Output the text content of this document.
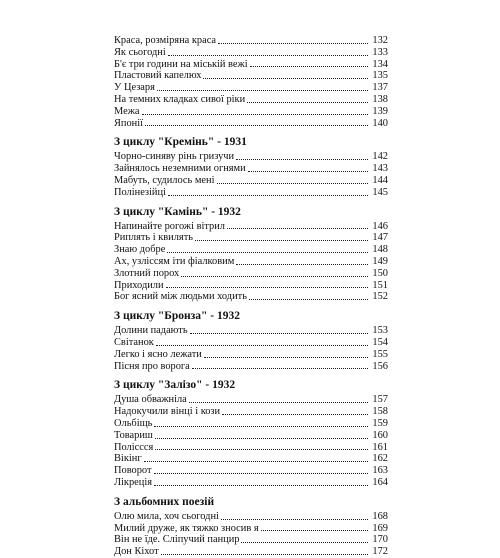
Краса, розміряна краса	132
Як сьогодні	133
Б'є три години на міській вежі	134
Пластовий капелюх	135
У Цезаря	137
На темних кладках сивої ріки	138
Межа	139
Японії	140
З циклу "Кремінь" - 1931
Чорно-синяву рінь гризучи	142
Зайнялось неземними огнями	143
Мабуть, судилось мені	144
Полінезійці	145
З циклу "Камінь" - 1932
Напинайте рогожі вітрил	146
Риплять і квилять	147
Знаю добре	148
Ах, узліссям іти фіалковим	149
Злотний порох	150
Приходили	151
Бог ясний між людьми ходить	152
З циклу "Бронза" - 1932
Долини падають	153
Світанок	154
Легко і ясно лежати	155
Пісня про ворога	156
З циклу "Залізо" - 1932
Душа обважніла	157
Надокучили вінці і кози	158
Ольбіщь	159
Товариш	160
Поліссся	161
Вікінг	162
Поворот	163
Лікреція	164
З альбомних поезій
Олю мила, хоч сьогодні	168
Милий друже, як тяжко зносив я	169
Він не їде. Сліпучий панцир	170
Дон Кіхот	172
